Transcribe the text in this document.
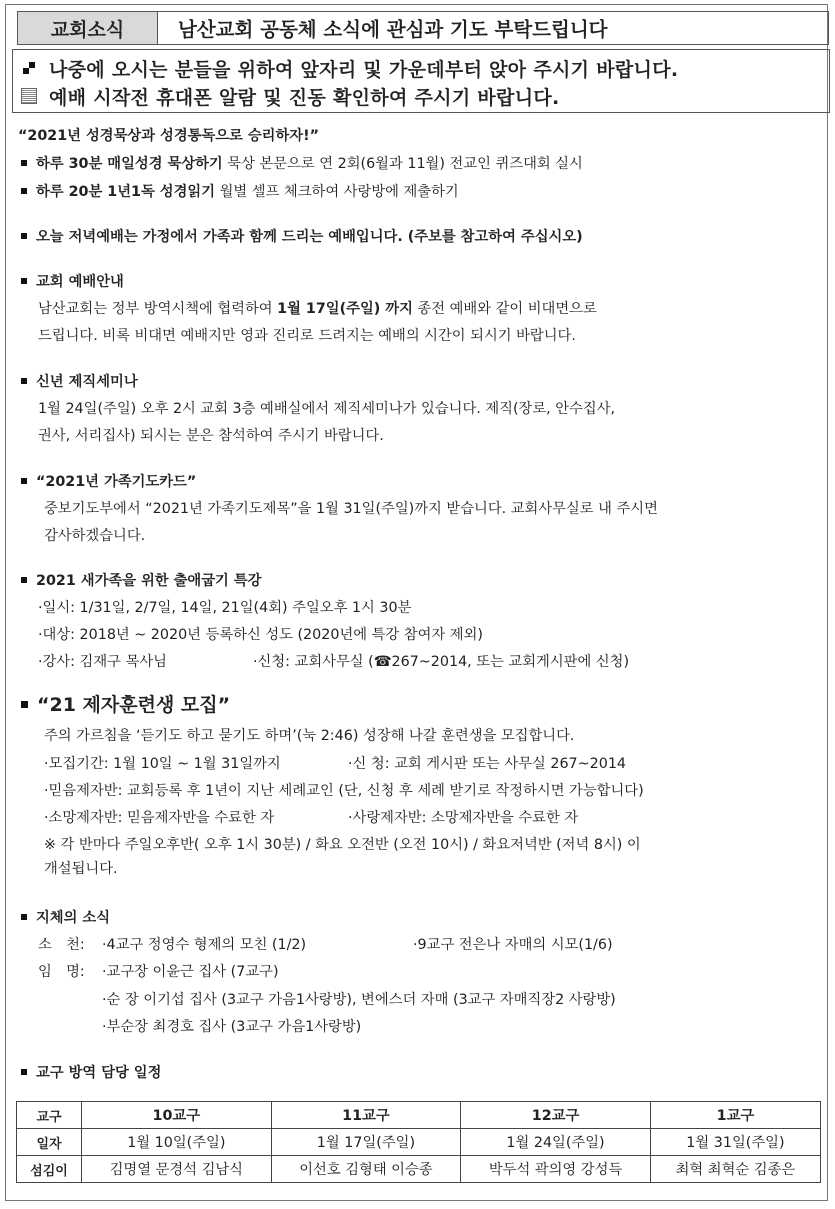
교회소식	남산교회 공동체 소식에 관심과 기도 부탁드립니다
나중에 오시는 분들을 위하여 앞자리 및 가운데부터 앉아 주시기 바랍니다.
예배 시작전 휴대폰 알람 및 진동 확인하여 주시기 바랍니다.
“2021년 성경묵상과 성경통독으로 승리하자!”
하루 30분 매일성경 묵상하기 묵상 본문으로 연 2회(6월과 11월) 전교인 퀴즈대회 실시
하루 20분 1년1독 성경읽기 월별 셀프 체크하여 사랑방에 제출하기
오늘 저녁예배는 가정에서 가족과 함께 드리는 예배입니다. (주보를 참고하여 주십시오)
교회 예배안내
남산교회는 정부 방역시책에 협력하여 1월 17일(주일) 까지 종전 예배와 같이 비대면으로
드립니다. 비록 비대면 예배지만 영과 진리로 드려지는 예배의 시간이 되시기 바랍니다.
신년 제직세미나
1월 24일(주일) 오후 2시 교회 3층 예배실에서 제직세미나가 있습니다. 제직(장로, 안수집사,
권사, 서리집사) 되시는 분은 참석하여 주시기 바랍니다.
“2021년 가족기도카드”
중보기도부에서 “2021년 가족기도제목”을 1월 31일(주일)까지 받습니다. 교회사무실로 내 주시면
감사하겠습니다.
2021 새가족을 위한 출애굽기 특강
·일시: 1/31일, 2/7일, 14일, 21일(4회) 주일오후 1시 30분
·대상: 2018년 ~ 2020년 등록하신 성도 (2020년에 특강 참여자 제외)
·강사: 김재구 목사님	·신청: 교회사무실 (☎267~2014, 또는 교회게시판에 신청)
“21 제자훈련생 모집”
주의 가르침을 ‘듣기도 하고 묻기도 하며’(눅 2:46) 성장해 나갈 훈련생을 모집합니다.
·모집기간: 1월 10일 ~ 1월 31일까지	·신 청: 교회 게시판 또는 사무실 267~2014
·믿음제자반: 교회등록 후 1년이 지난 세례교인 (단, 신청 후 세례 받기로 작정하시면 가능합니다)
·소망제자반: 믿음제자반을 수료한 자	·사랑제자반: 소망제자반을 수료한 자
※ 각 반마다 주일오후반( 오후 1시 30분) / 화요 오전반 (오전 10시) / 화요저녁반 (저녁 8시) 이
개설됩니다.
지체의 소식
소　천: ·4교구 정영수 형제의 모친 (1/2)	·9교구 전은나 자매의 시모(1/6)
임　명: ·교구장 이윤근 집사 (7교구)
·순 장 이기섭 집사 (3교구 가음1사랑방), 변에스더 자매 (3교구 자매직장2 사랑방)
·부순장 최경호 집사 (3교구 가음1사랑방)
교구 방역 담당 일정
교구	10교구	11교구	12교구	1교구
일자	1월 10일(주일)	1월 17일(주일)	1월 24일(주일)	1월 31일(주일)
섬김이	김명열 문경석 김남식	이선호 김형태 이승종	박두석 곽의영 강성득	최혁 최혁순 김종은
